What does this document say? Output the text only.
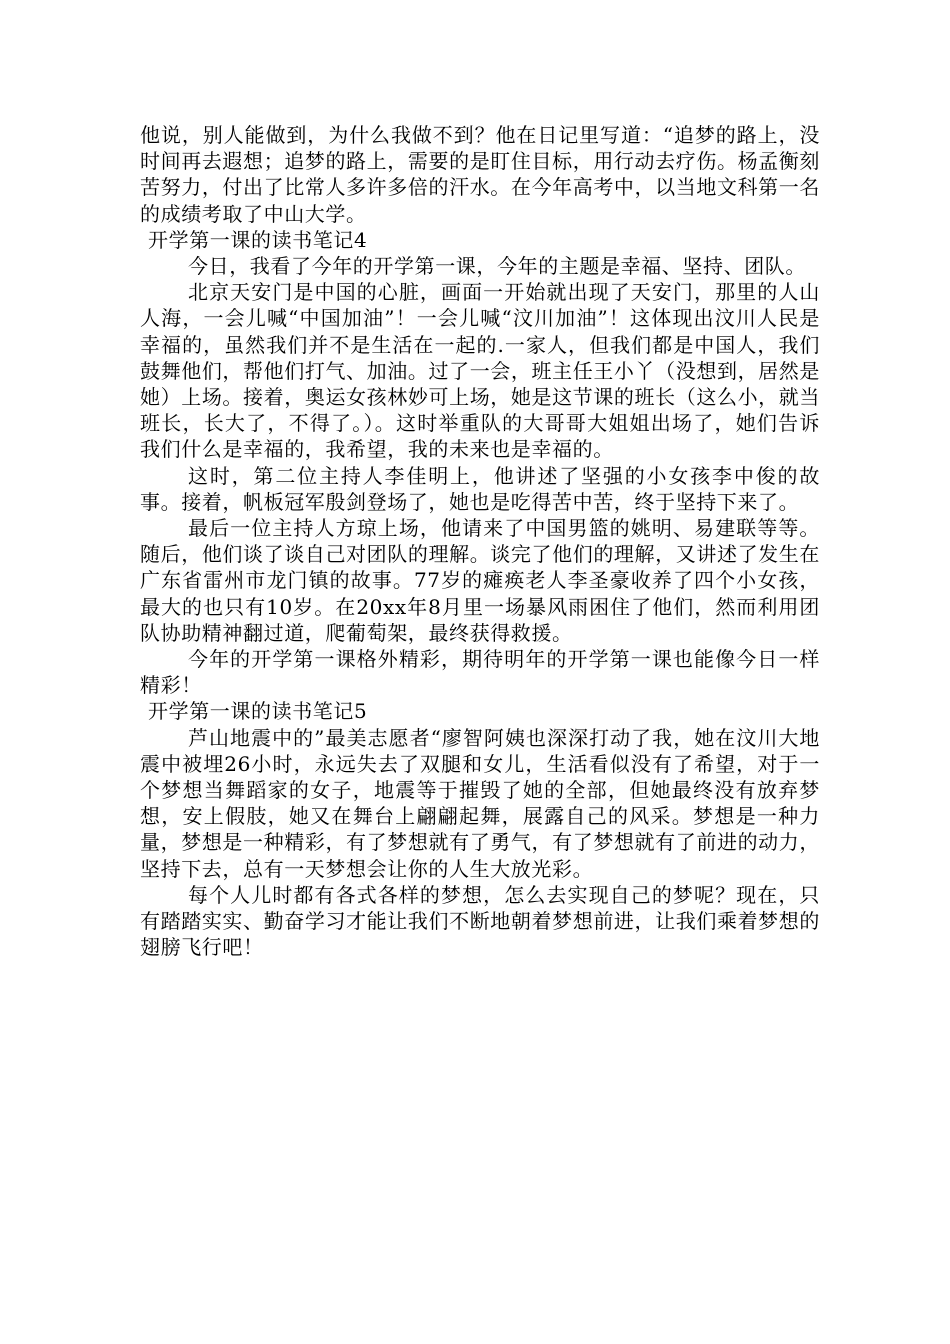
他说，别人能做到，为什么我做不到？他在日记里写道：“追梦的路上，没时间再去遐想；追梦的路上，需要的是盯住目标，用行动去疗伤。杨孟衡刻苦努力，付出了比常人多许多倍的汗水。在今年高考中，以当地文科第一名的成绩考取了中山大学。

开学第一课的读书笔记4

今日，我看了今年的开学第一课，今年的主题是幸福、坚持、团队。

北京天安门是中国的心脏，画面一开始就出现了天安门，那里的人山人海，一会儿喊“中国加油”！一会儿喊“汶川加油”！这体现出汶川人民是幸福的，虽然我们并不是生活在一起的.一家人，但我们都是中国人，我们鼓舞他们，帮他们打气、加油。过了一会，班主任王小丫（没想到，居然是她）上场。接着，奥运女孩林妙可上场，她是这节课的班长（这么小，就当班长，长大了，不得了。）。这时举重队的大哥哥大姐姐出场了，她们告诉我们什么是幸福的，我希望，我的未来也是幸福的。

这时，第二位主持人李佳明上，他讲述了坚强的小女孩李中俊的故事。接着，帆板冠军殷剑登场了，她也是吃得苦中苦，终于坚持下来了。

最后一位主持人方琼上场，他请来了中国男篮的姚明、易建联等等。随后，他们谈了谈自己对团队的理解。谈完了他们的理解，又讲述了发生在广东省雷州市龙门镇的故事。77岁的瘫痪老人李圣豪收养了四个小女孩，最大的也只有10岁。在20xx年8月里一场暴风雨困住了他们，然而利用团队协助精神翻过道，爬葡萄架，最终获得救援。

今年的开学第一课格外精彩，期待明年的开学第一课也能像今日一样精彩！

开学第一课的读书笔记5

芦山地震中的”最美志愿者“廖智阿姨也深深打动了我，她在汶川大地震中被埋26小时，永远失去了双腿和女儿，生活看似没有了希望，对于一个梦想当舞蹈家的女子，地震等于摧毁了她的全部，但她最终没有放弃梦想，安上假肢，她又在舞台上翩翩起舞，展露自己的风采。梦想是一种力量，梦想是一种精彩，有了梦想就有了勇气，有了梦想就有了前进的动力，坚持下去，总有一天梦想会让你的人生大放光彩。

每个人儿时都有各式各样的梦想，怎么去实现自己的梦呢？现在，只有踏踏实实、勤奋学习才能让我们不断地朝着梦想前进，让我们乘着梦想的翅膀飞行吧！
